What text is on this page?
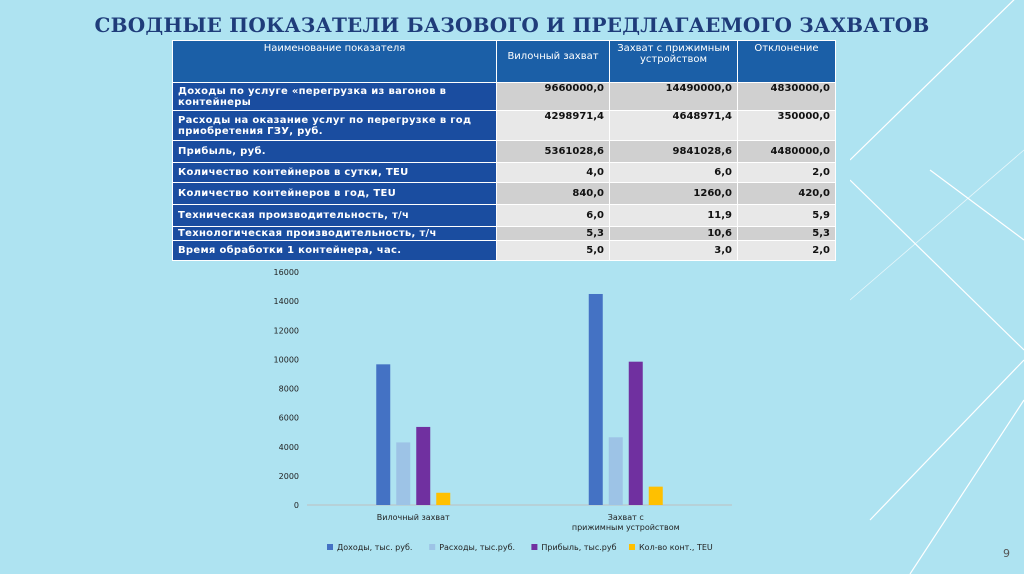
СВОДНЫЕ ПОКАЗАТЕЛИ БАЗОВОГО И ПРЕДЛАГАЕМОГО ЗАХВАТОВ
Наименование показателя	Вилочный захват	Захват с прижимным устройством	Отклонение
Доходы по услуге «перегрузка из вагонов в контейнеры	9660000,0	14490000,0	4830000,0
Расходы на оказание услуг по перегрузке в год приобретения ГЗУ, руб.	4298971,4	4648971,4	350000,0
Прибыль, руб.	5361028,6	9841028,6	4480000,0
Количество контейнеров в сутки, TEU	4,0	6,0	2,0
Количество контейнеров в год, TEU	840,0	1260,0	420,0
Техническая производительность, т/ч	6,0	11,9	5,9
Технологическая производительность, т/ч	5,3	10,6	5,3
Время обработки 1 контейнера, час.	5,0	3,0	2,0
0
2000
4000
6000
8000
10000
12000
14000
16000
Вилочный захват	Захват с прижимным устройством
Доходы, тыс. руб.	Расходы, тыс.руб.	Прибыль, тыс.руб	Кол-во конт., TEU	9
